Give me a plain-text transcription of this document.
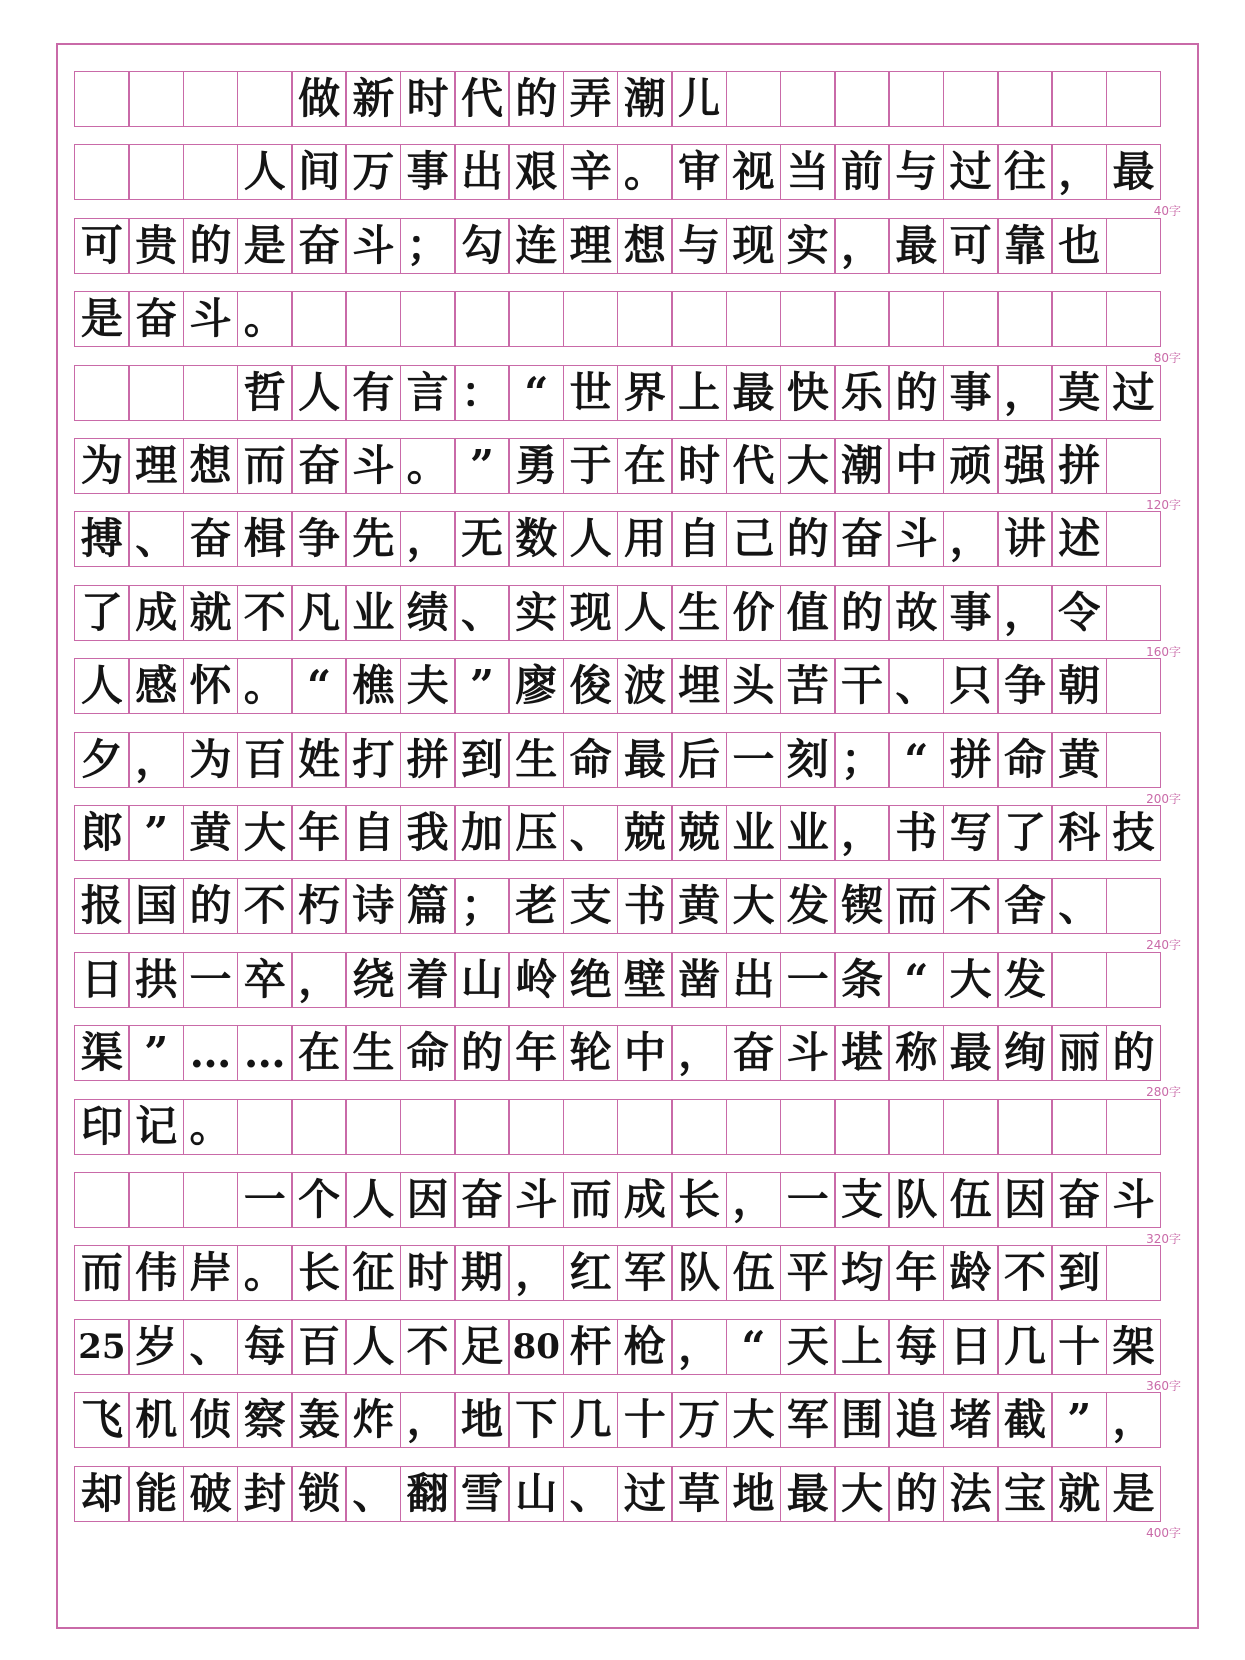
做 新 时 代 的 弄 潮 儿
人 间 万 事 出 艰 辛 。 审 视 当 前 与 过 往 ， 最
可 贵 的 是 奋 斗 ； 勾 连 理 想 与 现 实 ， 最 可 靠 也
是 奋 斗 。
哲 人 有 言 ： “ 世 界 上 最 快 乐 的 事 ， 莫 过
为 理 想 而 奋 斗 。 ” 勇 于 在 时 代 大 潮 中 顽 强 拼
搏 、 奋 楫 争 先 ， 无 数 人 用 自 己 的 奋 斗 ， 讲 述
了 成 就 不 凡 业 绩 、 实 现 人 生 价 值 的 故 事 ， 令
人 感 怀 。 “ 樵 夫 ” 廖 俊 波 埋 头 苦 干 、 只 争 朝
夕 ， 为 百 姓 打 拼 到 生 命 最 后 一 刻 ； “ 拼 命 黄
郎 ” 黄 大 年 自 我 加 压 、 兢 兢 业 业 ， 书 写 了 科 技
报 国 的 不 朽 诗 篇 ； 老 支 书 黄 大 发 锲 而 不 舍 、
日 拱 一 卒 ， 绕 着 山 岭 绝 壁 凿 出 一 条 “ 大 发
渠 ” … … 在 生 命 的 年 轮 中 ， 奋 斗 堪 称 最 绚 丽 的
印 记 。
一 个 人 因 奋 斗 而 成 长 ， 一 支 队 伍 因 奋 斗
而 伟 岸 。 长 征 时 期 ， 红 军 队 伍 平 均 年 龄 不 到
25 岁 、 每 百 人 不 足 80 杆 枪 ， “ 天 上 每 日 几 十 架
飞 机 侦 察 轰 炸 ， 地 下 几 十 万 大 军 围 追 堵 截 ” ，
却 能 破 封 锁 、 翻 雪 山 、 过 草 地 最 大 的 法 宝 就 是
40字
80字
120字
160字
200字
240字
280字
320字
360字
400字
